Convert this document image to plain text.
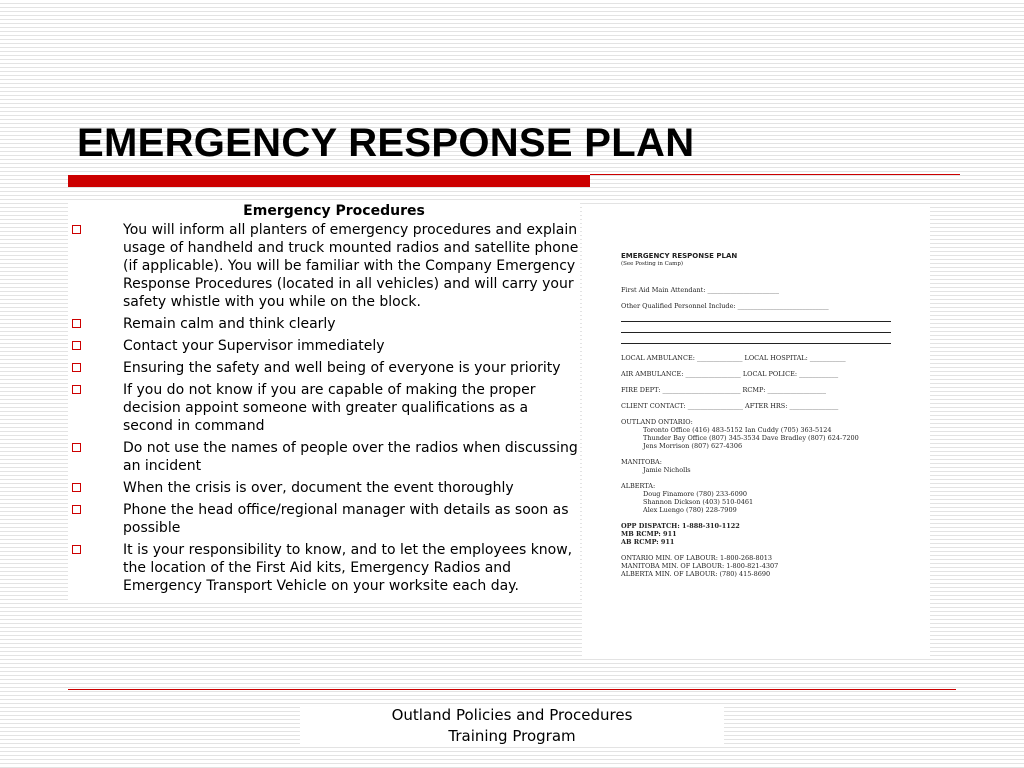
EMERGENCY RESPONSE PLAN

Emergency Procedures

You will inform all planters of emergency procedures and explain usage of handheld and truck mounted radios and satellite phone (if applicable). You will be familiar with the Company Emergency Response Procedures (located in all vehicles) and will carry your safety whistle with you while on the block.
Remain calm and think clearly
Contact your Supervisor immediately
Ensuring the safety and well being of everyone is your priority
If you do not know if you are capable of making the proper decision appoint someone with greater qualifications as a second in command
Do not use the names of people over the radios when discussing an incident
When the crisis is over, document the event thoroughly
Phone the head office/regional manager with details as soon as possible
It is your responsibility to know, and to let the employees know, the location of the First Aid kits, Emergency Radios and Emergency Transport Vehicle on your worksite each day.
EMERGENCY RESPONSE PLAN
(See Posting in Camp)
First Aid Main Attendant: ______________________
Other Qualified Personnel Include: ____________________________
LOCAL AMBULANCE: ______________ LOCAL HOSPITAL: ___________
AIR AMBULANCE: _________________ LOCAL POLICE: ____________
FIRE DEPT: ________________________ RCMP: __________________
CLIENT CONTACT: _________________ AFTER HRS: _______________
OUTLAND ONTARIO:
Toronto Office (416) 483-5152 Ian Cuddy (705) 363-5124
Thunder Bay Office (807) 345-3534 Dave Bradley (807) 624-7200
Jens Morrison (807) 627-4306
MANITOBA:
Jamie Nicholls
ALBERTA:
Doug Finamore (780) 233-6090
Shannon Dickson (403) 510-0461
Alex Luengo (780) 228-7909
OPP DISPATCH: 1-888-310-1122
MB RCMP: 911
AB RCMP: 911
ONTARIO MIN. OF LABOUR: 1-800-268-8013
MANITOBA MIN. OF LABOUR: 1-800-821-4307
ALBERTA MIN. OF LABOUR: (780) 415-8690
Outland Policies and Procedures
Training Program
